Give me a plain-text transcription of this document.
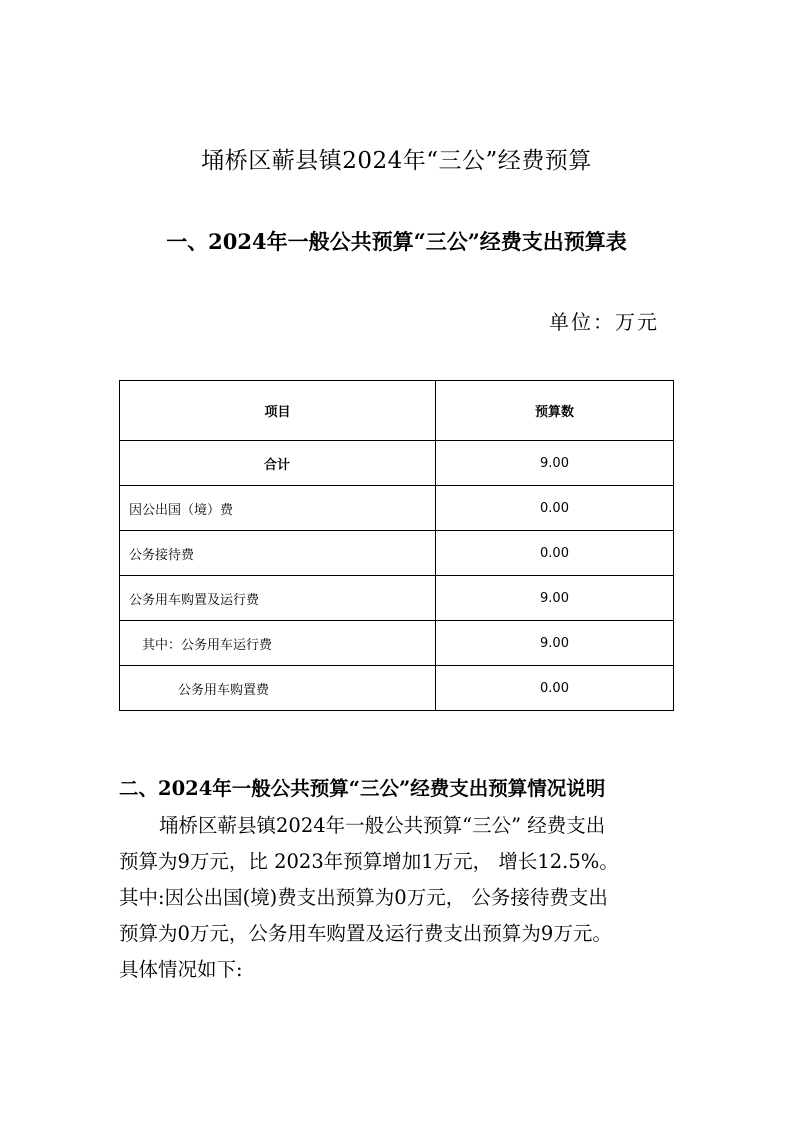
埇桥区蕲县镇2024年“三公”经费预算
一、2024年一般公共预算“三公”经费支出预算表
单位：万元
项目	预算数
合计	9.00
因公出国（境）费	0.00
公务接待费	0.00
公务用车购置及运行费	9.00
其中：公务用车运行费	9.00
公务用车购置费	0.00
二、2024年一般公共预算“三公”经费支出预算情况说明
埇桥区蕲县镇2024年一般公共预算“三公” 经费支出
预算为9万元，比 2023年预算增加1万元， 增长12.5%。
其中:因公出国(境)费支出预算为0万元， 公务接待费支出
预算为0万元，公务用车购置及运行费支出预算为9万元。
具体情况如下:
